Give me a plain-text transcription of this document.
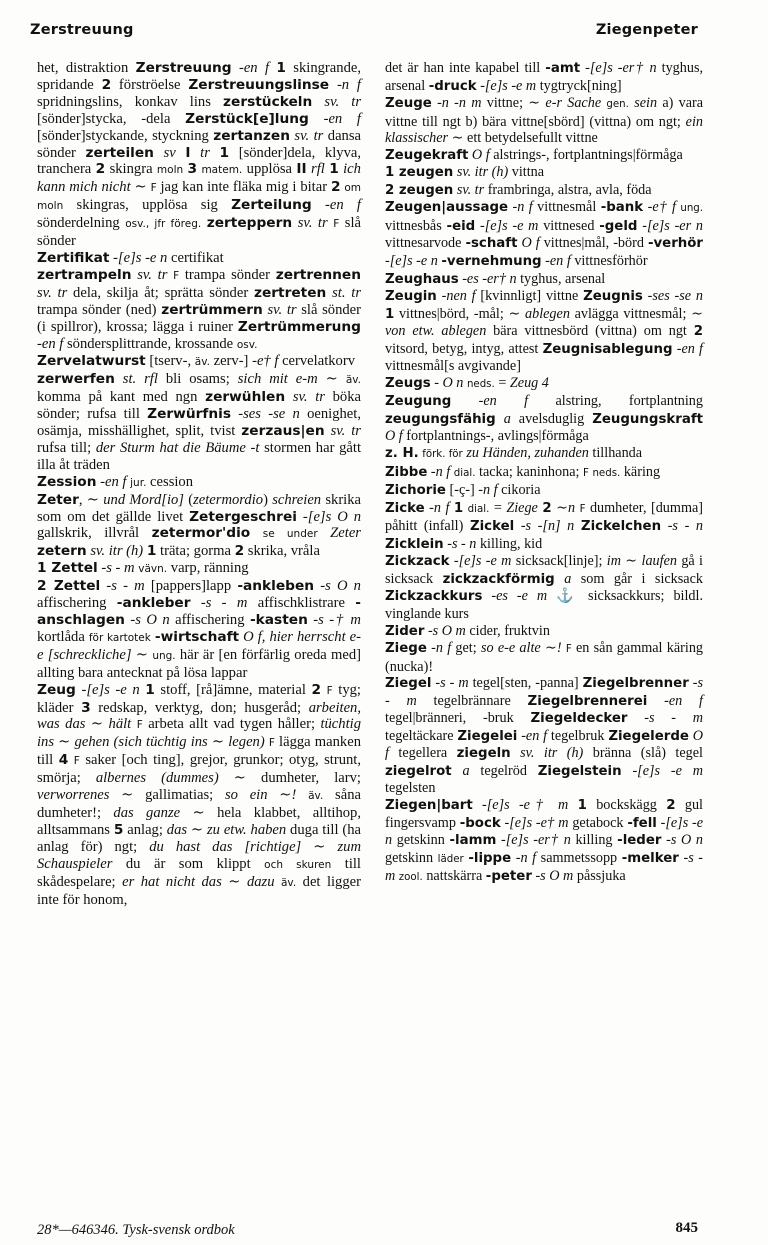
Zerstreuung	Ziegenpeter

het, distraktion Zerstreuung -en f 1 skingrande, spridande 2 förströelse Zerstreuungslinse -n f spridningslins, konkav lins zerstückeln sv. tr [sönder]stycka, -dela Zerstück[e]lung -en f [sönder]styckande, styckning zertanzen sv. tr dansa sönder zerteilen sv I tr 1 [sönder]dela, klyva, tranchera 2 skingra moln 3 matem. upplösa II rfl 1 ich kann mich nicht ∼ F jag kan inte fläka mig i bitar 2 om moln skingras, upplösa sig Zerteilung -en f sönderdelning osv., jfr föreg. zerteppern sv. tr F slå sönder

Zertifikat -[e]s -e n certifikat

zertrampeln sv. tr F trampa sönder zertrennen sv. tr dela, skilja åt; sprätta sönder zertreten st. tr trampa sönder (ned) zertrümmern sv. tr slå sönder (i spillror), krossa; lägga i ruiner Zertrümmerung -en f söndersplittrande, krossande osv.

Zervelatwurst [tserv-, äv. zerv-] -e† f cervelatkorv

zerwerfen st. rfl bli osams; sich mit e-m ∼ äv. komma på kant med ngn zerwühlen sv. tr böka sönder; rufsa till Zerwürfnis -ses -se n oenighet, osämja, misshällighet, split, tvist zerzaus|en sv. tr rufsa till; der Sturm hat die Bäume -t stormen har gått illa åt träden

Zession -en f jur. cession

Zeter, ∼ und Mord[io] (zetermordio) schreien skrika som om det gällde livet Zetergeschrei -[e]s O n gallskrik, illvrål zetermor'dio se under Zeter zetern sv. itr (h) 1 träta; gorma 2 skrika, vråla

1 Zettel -s - m vävn. varp, ränning

2 Zettel -s - m [pappers]lapp -ankleben -s O n affischering -ankleber -s - m affischklistrare -anschlagen -s O n affischering -kasten -s -† m kortlåda för kartotek -wirtschaft O f, hier herrscht e-e [schreckliche] ∼ ung. här är [en förfärlig oreda med] allting bara antecknat på lösa lappar

Zeug -[e]s -e n 1 stoff, [rå]ämne, material 2 F tyg; kläder 3 redskap, verktyg, don; husgeråd; arbeiten, was das ∼ hält F arbeta allt vad tygen håller; tüchtig ins ∼ gehen (sich tüchtig ins ∼ legen) F lägga manken till 4 F saker [och ting], grejor, grunkor; otyg, strunt, smörja; albernes (dummes) ∼ dumheter, larv; verworrenes ∼ gallimatias; so ein ∼! äv. såna dumheter!; das ganze ∼ hela klabbet, alltihop, alltsammans 5 anlag; das ∼ zu etw. haben duga till (ha anlag för) ngt; du hast das [richtige] ∼ zum Schauspieler du är som klippt och skuren till skådespelare; er hat nicht das ∼ dazu äv. det ligger inte för honom,

det är han inte kapabel till -amt -[e]s -er† n tyghus, arsenal -druck -[e]s -e m tygtryck[ning]

Zeuge -n -n m vittne; ∼ e-r Sache gen. sein a) vara vittne till ngt b) bära vittne[sbörd] (vittna) om ngt; ein klassischer ∼ ett betydelsefullt vittne

Zeugekraft O f alstrings-, fortplantnings|förmåga

1 zeugen sv. itr (h) vittna

2 zeugen sv. tr frambringa, alstra, avla, föda

Zeugen|aussage -n f vittnesmål -bank -e† f ung. vittnesbås -eid -[e]s -e m vittnesed -geld -[e]s -er n vittnesarvode -schaft O f vittnes|mål, -börd -verhör -[e]s -e n -vernehmung -en f vittnesförhör

Zeughaus -es -er† n tyghus, arsenal

Zeugin -nen f [kvinnligt] vittne Zeugnis -ses -se n 1 vittnes|börd, -mål; ∼ ablegen avlägga vittnesmål; ∼ von etw. ablegen bära vittnesbörd (vittna) om ngt 2 vitsord, betyg, intyg, attest Zeugnisablegung -en f vittnesmål[s avgivande]

Zeugs - O n neds. = Zeug 4

Zeugung -en f alstring, fortplantning zeugungsfähig a avelsduglig Zeugungskraft O f fortplantnings-, avlings|förmåga

z. H. förk. för zu Händen, zuhanden tillhanda

Zibbe -n f dial. tacka; kaninhona; F neds. käring

Zichorie [-ç-] -n f cikoria

Zicke -n f 1 dial. = Ziege 2 ∼n F dumheter, [dumma] påhitt (infall) Zickel -s -[n] n Zickelchen -s - n Zicklein -s - n killing, kid

Zickzack -[e]s -e m sicksack[linje]; im ∼ laufen gå i sicksack zickzackförmig a som går i sicksack Zickzackkurs -es -e m ⚓ sicksackkurs; bildl. vinglande kurs

Zider -s O m cider, fruktvin

Ziege -n f get; so e-e alte ∼! F en sån gammal käring (nucka)!

Ziegel -s - m tegel[sten, -panna] Ziegelbrenner -s - m tegelbrännare Ziegelbrennerei -en f tegel|bränneri, -bruk Ziegeldecker -s - m tegeltäckare Ziegelei -en f tegelbruk Ziegelerde O f tegellera ziegeln sv. itr (h) bränna (slå) tegel ziegelrot a tegelröd Ziegelstein -[e]s -e m tegelsten

Ziegen|bart -[e]s -e† m 1 bockskägg 2 gul fingersvamp -bock -[e]s -e† m getabock -fell -[e]s -e n getskinn -lamm -[e]s -er† n killing -leder -s O n getskinn läder -lippe -n f sammetssopp -melker -s - m zool. nattskärra -peter -s O m påssjuka

28*—646346. Tysk-svensk ordbok	845
